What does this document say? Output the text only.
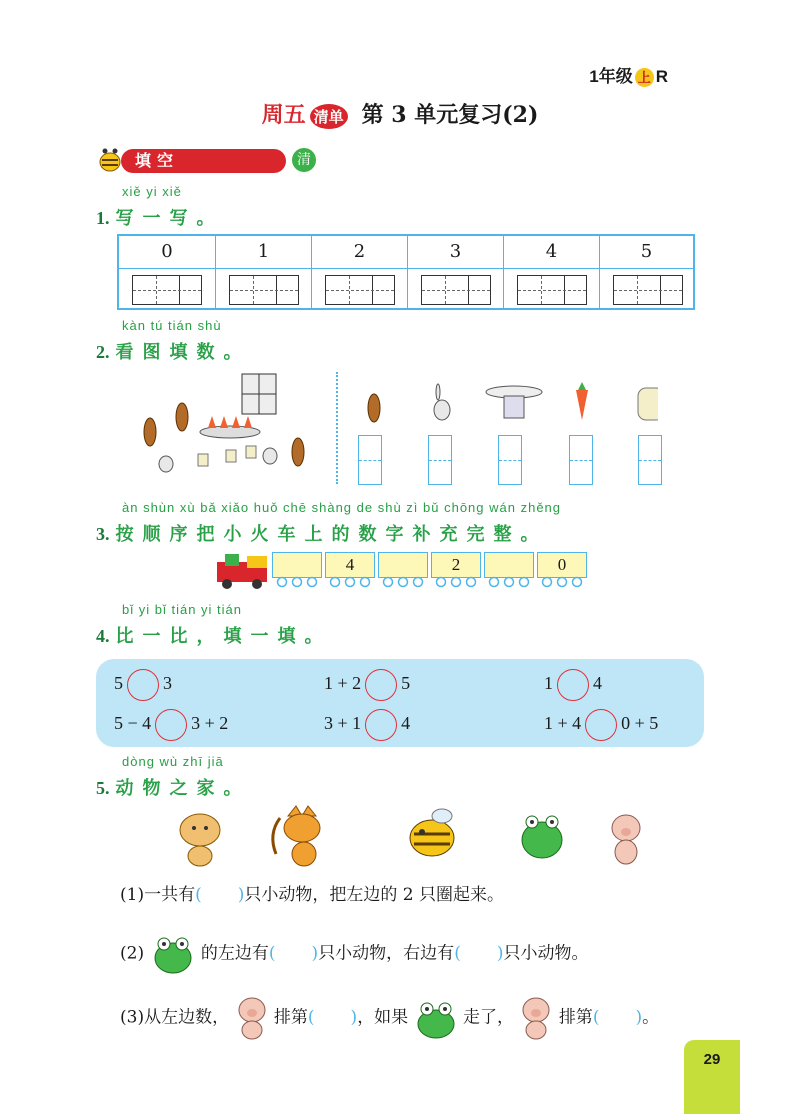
1年级 上 R
周五 清单 第 3 单元复习(2)
填空	清
xiě yi xiě
1. 写一写。
0	1	2	3	4	5
kàn tú tián shù
2. 看图填数。
àn shùn xù bǎ xiǎo huǒ chē shàng de shù zì bǔ chōng wán zhěng
3. 按顺序把小火车上的数字补充完整。
4	2	0
bǐ yi bǐ tián yi tián
4. 比一比，填一填。
5 3	1 + 2 5	1 4
5 − 4 3 + 2	3 + 1 4	1 + 4 0 + 5
dòng wù zhī jiā
5. 动物之家。
(1)一共有( )只小动物，把左边的 2 只圈起来。
(2)	的左边有( )只小动物，右边有( )只小动物。
(3)从左边数，	排第( )，如果	走了，	排第( )。
29
